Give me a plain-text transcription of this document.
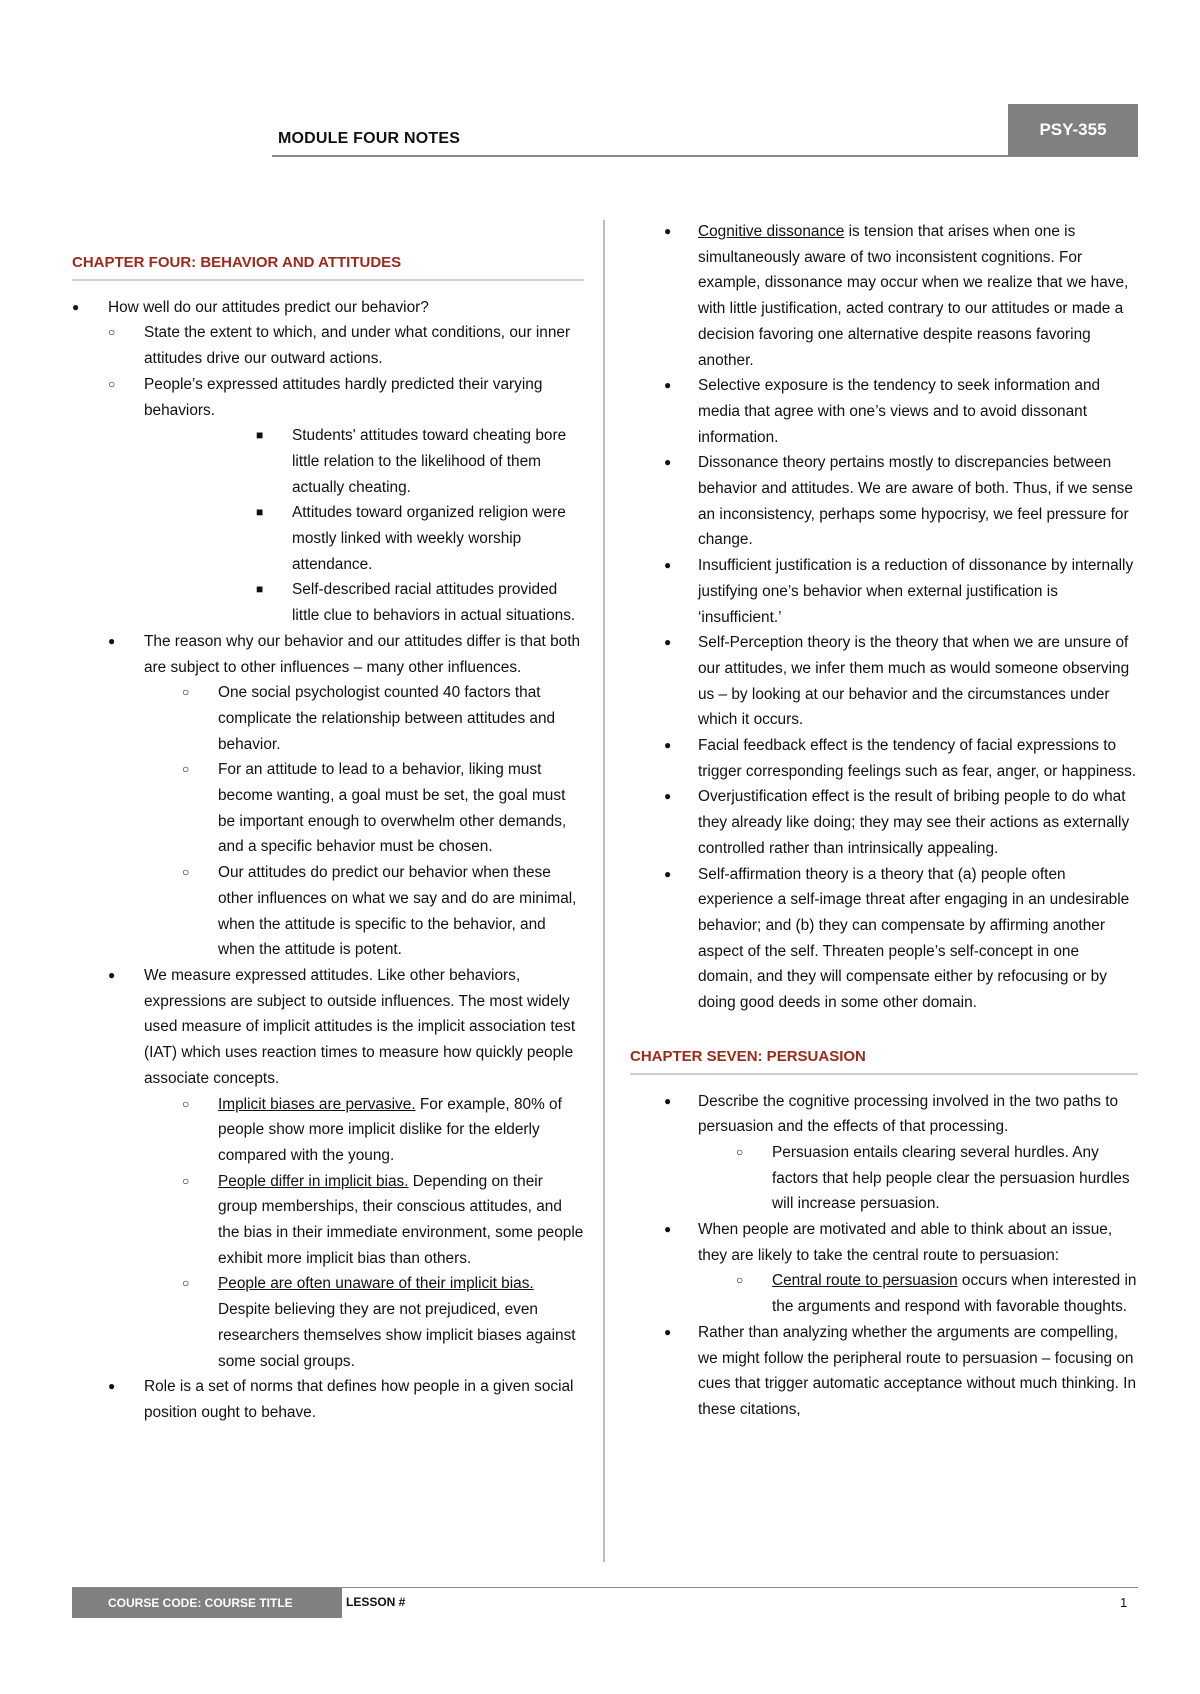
MODULE FOUR NOTES	PSY-355
CHAPTER FOUR: BEHAVIOR AND ATTITUDES
● How well do our attitudes predict our behavior?
○ State the extent to which, and under what conditions, our inner attitudes drive our outward actions.
○ People’s expressed attitudes hardly predicted their varying behaviors.
■ Students' attitudes toward cheating bore little relation to the likelihood of them actually cheating.
■ Attitudes toward organized religion were mostly linked with weekly worship attendance.
■ Self-described racial attitudes provided little clue to behaviors in actual situations.
● The reason why our behavior and our attitudes differ is that both are subject to other influences – many other influences.
○ One social psychologist counted 40 factors that complicate the relationship between attitudes and behavior.
○ For an attitude to lead to a behavior, liking must become wanting, a goal must be set, the goal must be important enough to overwhelm other demands, and a specific behavior must be chosen.
○ Our attitudes do predict our behavior when these other influences on what we say and do are minimal, when the attitude is specific to the behavior, and when the attitude is potent.
● We measure expressed attitudes. Like other behaviors, expressions are subject to outside influences. The most widely used measure of implicit attitudes is the implicit association test (IAT) which uses reaction times to measure how quickly people associate concepts.
○ Implicit biases are pervasive. For example, 80% of people show more implicit dislike for the elderly compared with the young.
○ People differ in implicit bias. Depending on their group memberships, their conscious attitudes, and the bias in their immediate environment, some people exhibit more implicit bias than others.
○ People are often unaware of their implicit bias. Despite believing they are not prejudiced, even researchers themselves show implicit biases against some social groups.
● Role is a set of norms that defines how people in a given social position ought to behave.
● Cognitive dissonance is tension that arises when one is simultaneously aware of two inconsistent cognitions. For example, dissonance may occur when we realize that we have, with little justification, acted contrary to our attitudes or made a decision favoring one alternative despite reasons favoring another.
● Selective exposure is the tendency to seek information and media that agree with one’s views and to avoid dissonant information.
● Dissonance theory pertains mostly to discrepancies between behavior and attitudes. We are aware of both. Thus, if we sense an inconsistency, perhaps some hypocrisy, we feel pressure for change.
● Insufficient justification is a reduction of dissonance by internally justifying one’s behavior when external justification is ‘insufficient.’
● Self-Perception theory is the theory that when we are unsure of our attitudes, we infer them much as would someone observing us – by looking at our behavior and the circumstances under which it occurs.
● Facial feedback effect is the tendency of facial expressions to trigger corresponding feelings such as fear, anger, or happiness.
● Overjustification effect is the result of bribing people to do what they already like doing; they may see their actions as externally controlled rather than intrinsically appealing.
● Self-affirmation theory is a theory that (a) people often experience a self-image threat after engaging in an undesirable behavior; and (b) they can compensate by affirming another aspect of the self. Threaten people’s self-concept in one domain, and they will compensate either by refocusing or by doing good deeds in some other domain.
CHAPTER SEVEN: PERSUASION
● Describe the cognitive processing involved in the two paths to persuasion and the effects of that processing.
○ Persuasion entails clearing several hurdles. Any factors that help people clear the persuasion hurdles will increase persuasion.
● When people are motivated and able to think about an issue, they are likely to take the central route to persuasion:
○ Central route to persuasion occurs when interested in the arguments and respond with favorable thoughts.
● Rather than analyzing whether the arguments are compelling, we might follow the peripheral route to persuasion – focusing on cues that trigger automatic acceptance without much thinking. In these citations,
COURSE CODE: COURSE TITLE	LESSON #	1
